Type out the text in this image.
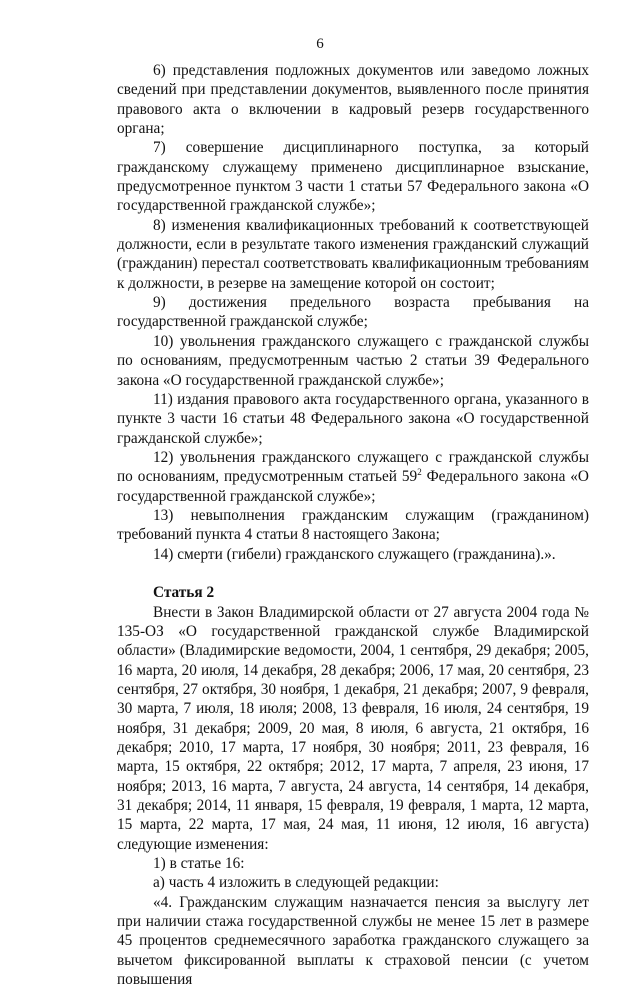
6

6) представления подложных документов или заведомо ложных сведений при представлении документов, выявленного после принятия правового акта о включении в кадровый резерв государственного органа;

7) совершение дисциплинарного поступка, за который гражданскому служащему применено дисциплинарное взыскание, предусмотренное пунктом 3 части 1 статьи 57 Федерального закона «О государственной гражданской службе»;

8) изменения квалификационных требований к соответствующей должности, если в результате такого изменения гражданский служащий (гражданин) перестал соответствовать квалификационным требованиям к должности, в резерве на замещение которой он состоит;

9) достижения предельного возраста пребывания на государственной гражданской службе;

10) увольнения гражданского служащего с гражданской службы по основаниям, предусмотренным частью 2 статьи 39 Федерального закона «О государственной гражданской службе»;

11) издания правового акта государственного органа, указанного в пункте 3 части 16 статьи 48 Федерального закона «О государственной гражданской службе»;

12) увольнения гражданского служащего с гражданской службы по основаниям, предусмотренным статьей $59^2$ Федерального закона «О государственной гражданской службе»;

13) невыполнения гражданским служащим (гражданином) требований пункта 4 статьи 8 настоящего Закона;

14) смерти (гибели) гражданского служащего (гражданина).».

Статья 2

Внести в Закон Владимирской области от 27 августа 2004 года № 135-ОЗ «О государственной гражданской службе Владимирской области» (Владимирские ведомости, 2004, 1 сентября, 29 декабря; 2005, 16 марта, 20 июля, 14 декабря, 28 декабря; 2006, 17 мая, 20 сентября, 23 сентября, 27 октября, 30 ноября, 1 декабря, 21 декабря; 2007, 9 февраля, 30 марта, 7 июля, 18 июля; 2008, 13 февраля, 16 июля, 24 сентября, 19 ноября, 31 декабря; 2009, 20 мая, 8 июля, 6 августа, 21 октября, 16 декабря; 2010, 17 марта, 17 ноября, 30 ноября; 2011, 23 февраля, 16 марта, 15 октября, 22 октября; 2012, 17 марта, 7 апреля, 23 июня, 17 ноября; 2013, 16 марта, 7 августа, 24 августа, 14 сентября, 14 декабря, 31 декабря; 2014, 11 января, 15 февраля, 19 февраля, 1 марта, 12 марта, 15 марта, 22 марта, 17 мая, 24 мая, 11 июня, 12 июля, 16 августа) следующие изменения:

1) в статье 16:

а) часть 4 изложить в следующей редакции:

«4. Гражданским служащим назначается пенсия за выслугу лет при наличии стажа государственной службы не менее 15 лет в размере 45 процентов среднемесячного заработка гражданского служащего за вычетом фиксированной выплаты к страховой пенсии (с учетом повышения
